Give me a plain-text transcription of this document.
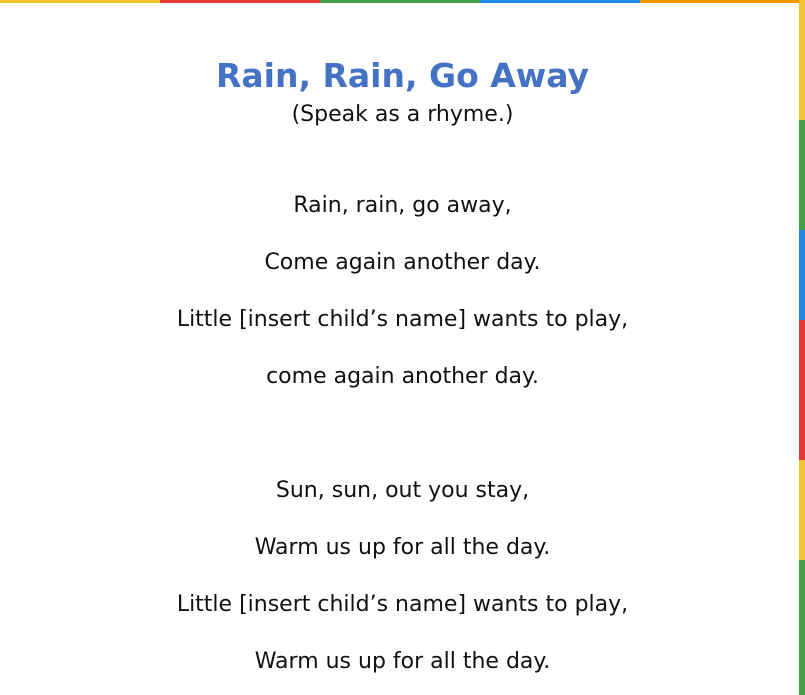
Rain, Rain, Go Away

(Speak as a rhyme.)

Rain, rain, go away,

Come again another day.

Little [insert child’s name] wants to play,

come again another day.

Sun, sun, out you stay,

Warm us up for all the day.

Little [insert child’s name] wants to play,

Warm us up for all the day.
